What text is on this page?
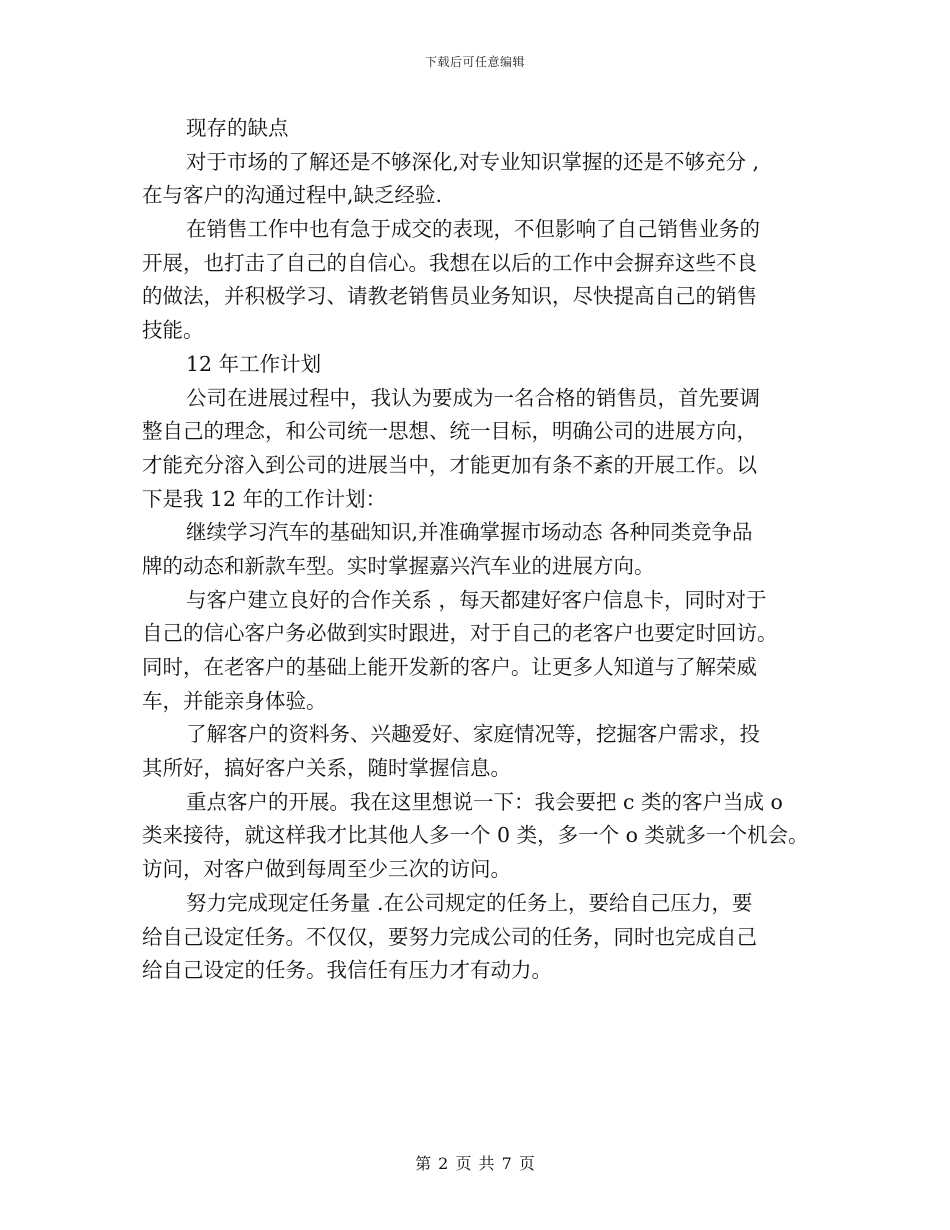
下载后可任意编辑
现存的缺点
对于市场的了解还是不够深化,对专业知识掌握的还是不够充分 ,
在与客户的沟通过程中,缺乏经验.
在销售工作中也有急于成交的表现，不但影响了自己销售业务的
开展，也打击了自己的自信心。我想在以后的工作中会摒弃这些不良
的做法，并积极学习、请教老销售员业务知识，尽快提高自己的销售
技能。
12 年工作计划
公司在进展过程中，我认为要成为一名合格的销售员，首先要调
整自己的理念，和公司统一思想、统一目标，明确公司的进展方向，
才能充分溶入到公司的进展当中，才能更加有条不紊的开展工作。以
下是我 12 年的工作计划：
继续学习汽车的基础知识,并准确掌握市场动态 各种同类竞争品
牌的动态和新款车型。实时掌握嘉兴汽车业的进展方向。
与客户建立良好的合作关系 ，每天都建好客户信息卡，同时对于
自己的信心客户务必做到实时跟进，对于自己的老客户也要定时回访。
同时，在老客户的基础上能开发新的客户。让更多人知道与了解荣威
车，并能亲身体验。
了解客户的资料务、兴趣爱好、家庭情况等，挖掘客户需求，投
其所好，搞好客户关系，随时掌握信息。
重点客户的开展。我在这里想说一下：我会要把 c 类的客户当成 o
类来接待，就这样我才比其他人多一个 0 类，多一个 o 类就多一个机会。
访问，对客户做到每周至少三次的访问。
努力完成现定任务量 .在公司规定的任务上，要给自己压力，要
给自己设定任务。不仅仅，要努力完成公司的任务，同时也完成自己
给自己设定的任务。我信任有压力才有动力。
第 2 页 共 7 页
